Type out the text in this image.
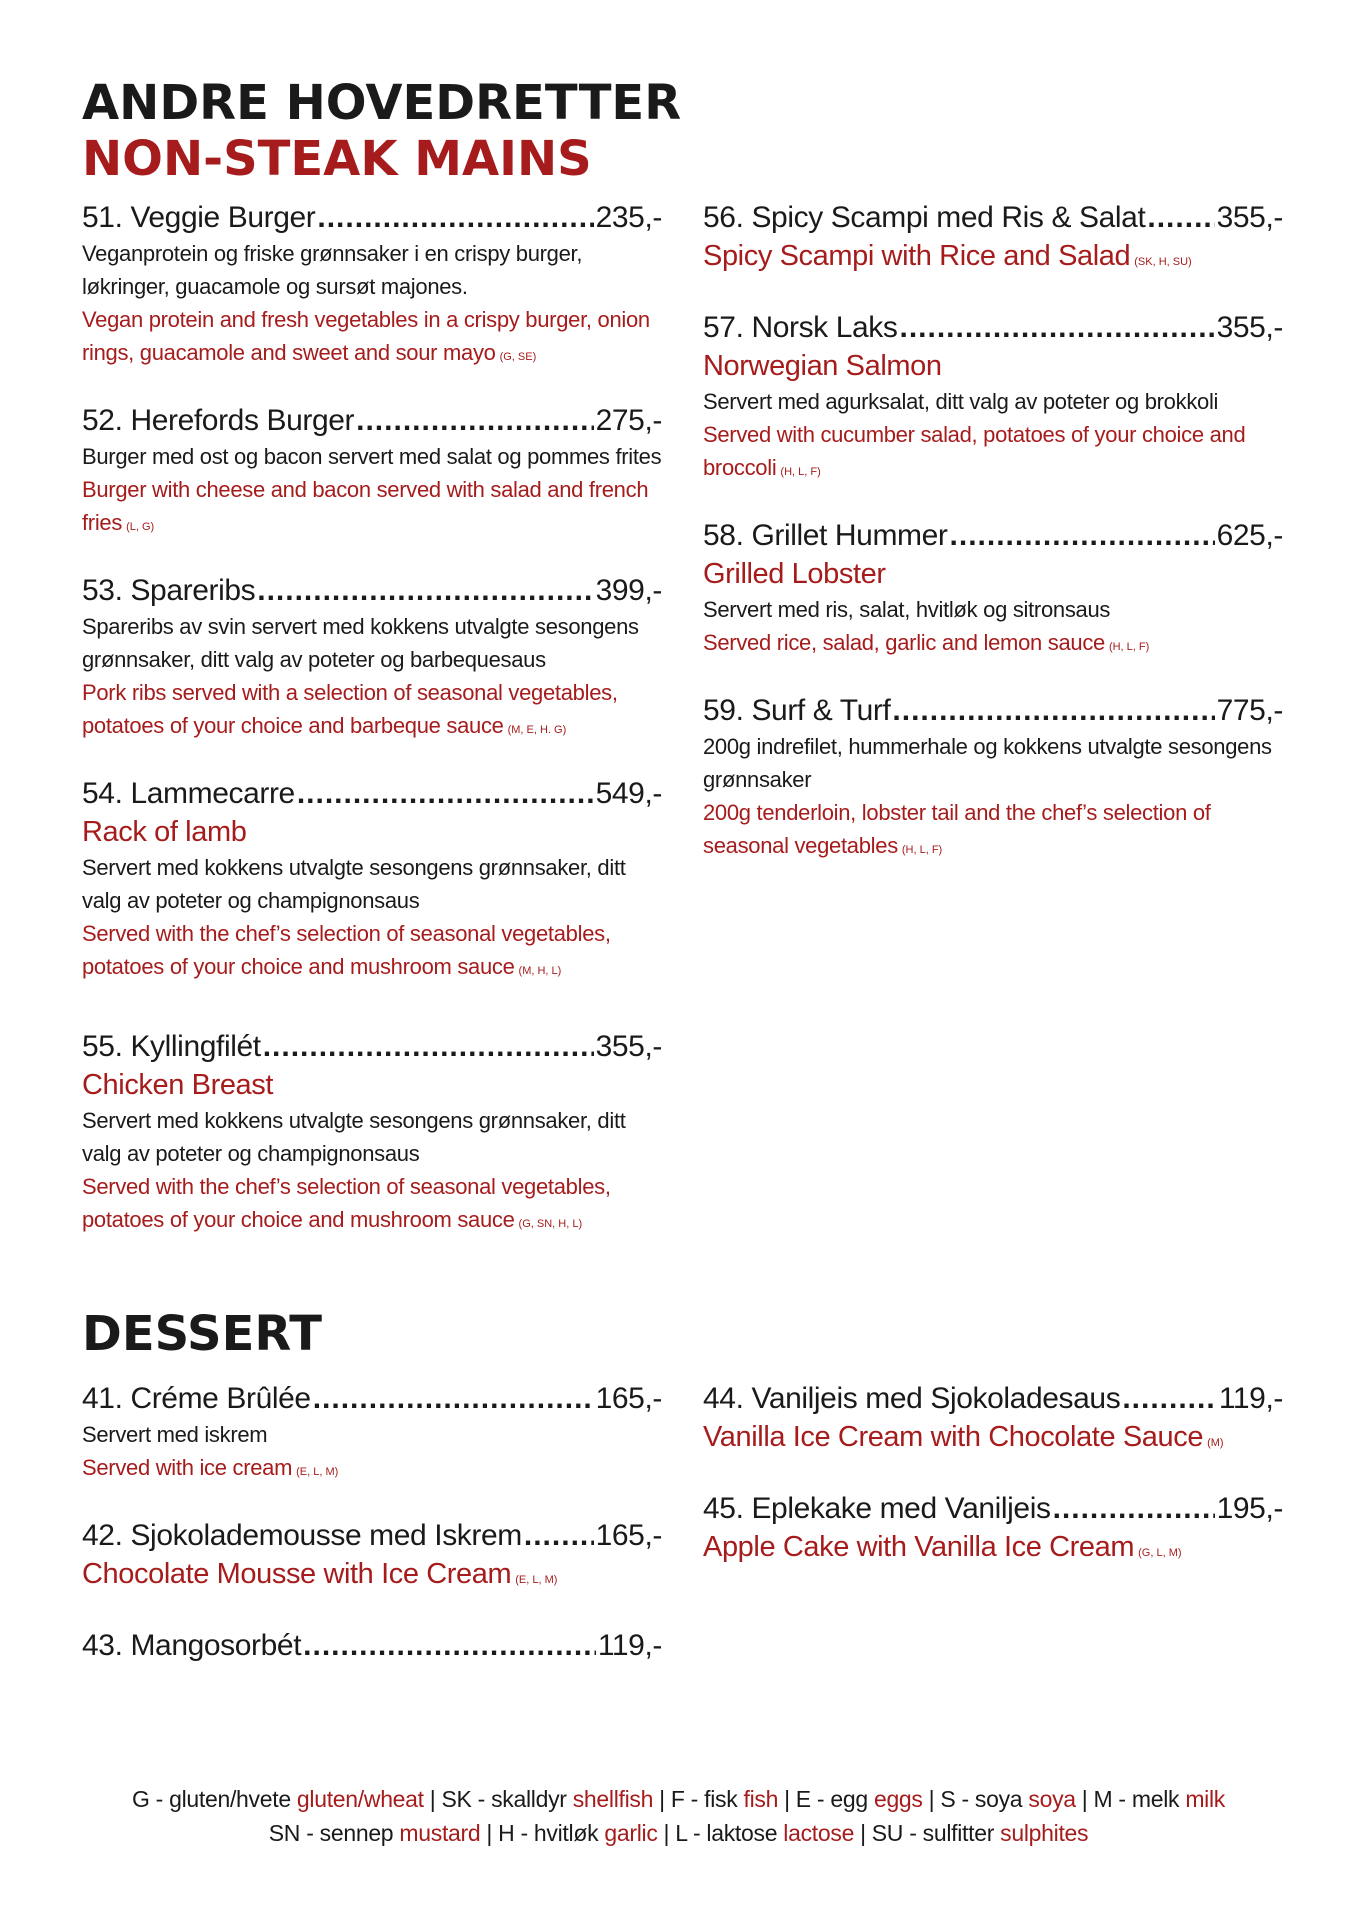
ANDRE HOVEDRETTER
NON-STEAK MAINS
51. Veggie Burger .....	235,-
Veganprotein og friske grønnsaker i en crispy burger, løkringer, guacamole og sursøt majones.
Vegan protein and fresh vegetables in a crispy burger, onion rings, guacamole and sweet and sour mayo (G, SE)
52. Herefords Burger .....	275,-
Burger med ost og bacon servert med salat og pommes frites
Burger with cheese and bacon served with salad and french fries (L, G)
53. Spareribs .....	399,-
Spareribs av svin servert med kokkens utvalgte sesongens grønnsaker, ditt valg av poteter og barbequesaus
Pork ribs served with a selection of seasonal vegetables, potatoes of your choice and barbeque sauce (M, E, H. G)
54. Lammecarre .....	549,-
Rack of lamb
Servert med kokkens utvalgte sesongens grønnsaker, ditt valg av poteter og champignonsaus
Served with the chef’s selection of seasonal vegetables, potatoes of your choice and mushroom sauce (M, H, L)
55. Kyllingfilét .....	355,-
Chicken Breast
Servert med kokkens utvalgte sesongens grønnsaker, ditt valg av poteter og champignonsaus
Served with the chef’s selection of seasonal vegetables, potatoes of your choice and mushroom sauce (G, SN, H, L)
56. Spicy Scampi med Ris & Salat ..... 355,-
Spicy Scampi with Rice and Salad (SK, H, SU)
57. Norsk Laks .....	355,-
Norwegian Salmon
Servert med agurksalat, ditt valg av poteter og brokkoli
Served with cucumber salad, potatoes of your choice and broccoli (H, L, F)
58. Grillet Hummer .....	625,-
Grilled Lobster
Servert med ris, salat, hvitløk og sitronsaus
Served rice, salad, garlic and lemon sauce (H, L, F)
59. Surf & Turf .....	775,-
200g indrefilet, hummerhale og kokkens utvalgte sesongens grønnsaker
200g tenderloin, lobster tail and the chef’s selection of seasonal vegetables (H, L, F)
DESSERT
41. Créme Brûlée .....	165,-
Servert med iskrem
Served with ice cream (E, L, M)
42. Sjokolademousse med Iskrem ..... 165,-
Chocolate Mousse with Ice Cream (E, L, M)
43. Mangosorbét .....	119,-
44. Vaniljeis med Sjokoladesaus .....	119,-
Vanilla Ice Cream with Chocolate Sauce (M)
45. Eplekake med Vaniljeis .....	195,-
Apple Cake with Vanilla Ice Cream (G, L, M)
G - gluten/hvete gluten/wheat | SK - skalldyr shellfish | F - fisk fish | E - egg eggs | S - soya soya | M - melk milk
SN - sennep mustard | H - hvitløk garlic | L - laktose lactose | SU - sulfitter sulphites
